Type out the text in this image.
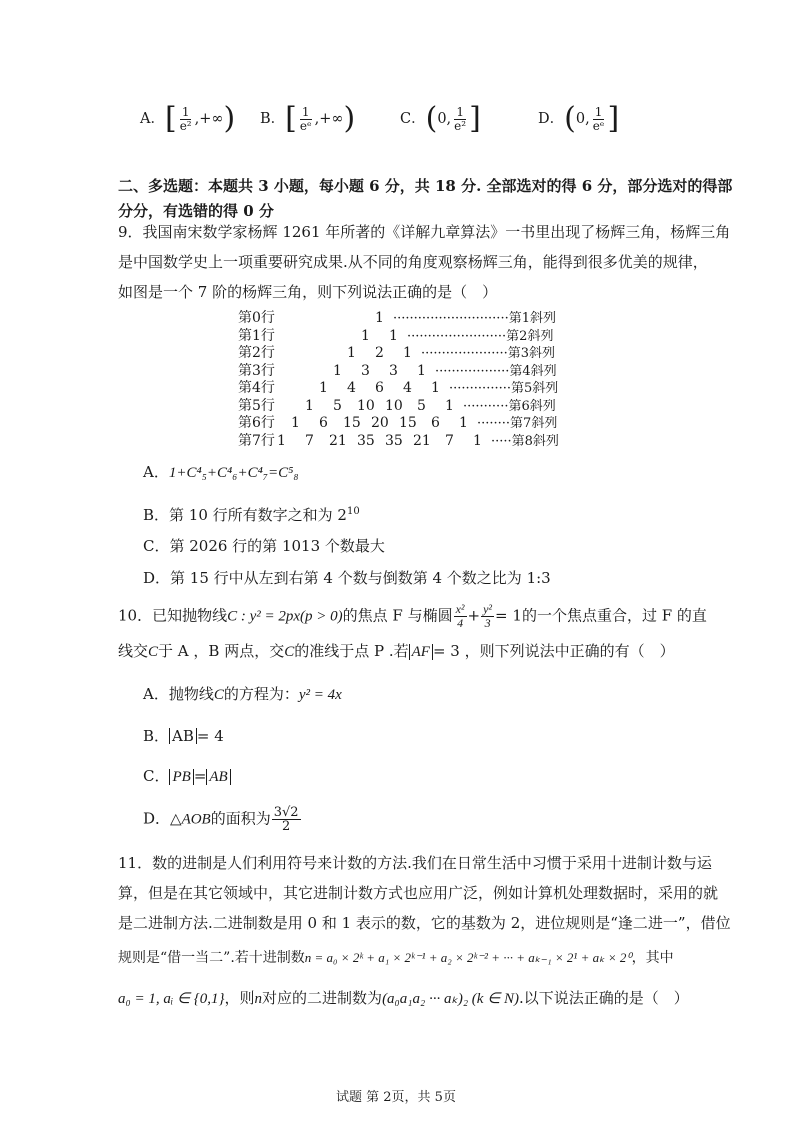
A．[ $\frac{1}{\text{e²}}$ ,+∞) B．[ $\frac{1}{\text{eᵉ}}$ ,+∞)	C．(0, $\frac{1}{\text{e²}}$ ]	D．(0, $\frac{1}{\text{eᵉ}}$ ]
二、多选题：本题共 3 小题，每小题 6 分，共 18 分. 全部选对的得 6 分，部分选对的得部
分分，有选错的得 0 分
9．我国南宋数学家杨辉 1261 年所著的《详解九章算法》一书里出现了杨辉三角，杨辉三角
是中国数学史上一项重要研究成果.从不同的角度观察杨辉三角，能得到很多优美的规律，
如图是一个 7 阶的杨辉三角，则下列说法正确的是（　）
第0行	1 ····························第1斜列
第1行	1 1 ························第2斜列
第2行	1 2 1 ·····················第3斜列
第3行	1 3 3 1 ··················第4斜列
第4行	1 4 6 4 1 ···············第5斜列
第5行 1 5 10 10 5 1 ···········第6斜列
第6行 1 6 15 20 15 6 1 ········第7斜列
第7行 1 7 21 35 35 21 7 1 ·····第8斜列
A．1+C⁴₅+C⁴₆+C⁴₇=C⁵₈
B．第 10 行所有数字之和为 $2^{10}$
C．第 2026 行的第 1013 个数最大
D．第 15 行中从左到右第 4 个数与倒数第 4 个数之比为 1:3
10．已知抛物线C : y² = 2px(p > 0)的焦点 F 与椭圆 $\frac{\text{x²}}{4} + \frac{\text{y²}}{3} = 1$的一个焦点重合，过 F 的直
线交C于 A ，B 两点，交C的准线于点 P .若 AF = 3 ，则下列说法中正确的有（　）
A．抛物线C的方程为：y² = 4x
B． AB = 4
C． PB = AB
D．△AOB的面积为 $\frac{3√2}{2}$
11．数的进制是人们利用符号来计数的方法.我们在日常生活中习惯于采用十进制计数与运
算，但是在其它领域中，其它进制计数方式也应用广泛，例如计算机处理数据时，采用的就
是二进制方法.二进制数是用 0 和 1 表示的数，它的基数为 2，进位规则是“逢二进一”，借位
规则是“借一当二”.若十进制数n = a₀ × 2ᵏ + a₁ × 2ᵏ⁻¹ + a₂ × 2ᵏ⁻² + ··· + aₖ₋₁ × 2¹ + aₖ × 2⁰，其中
a₀ = 1, aᵢ ∈ {0,1}，则n对应的二进制数为(a₀a₁a₂ ··· aₖ)₂ (k ∈ N).以下说法正确的是（　）
试题 第 2页，共 5页
